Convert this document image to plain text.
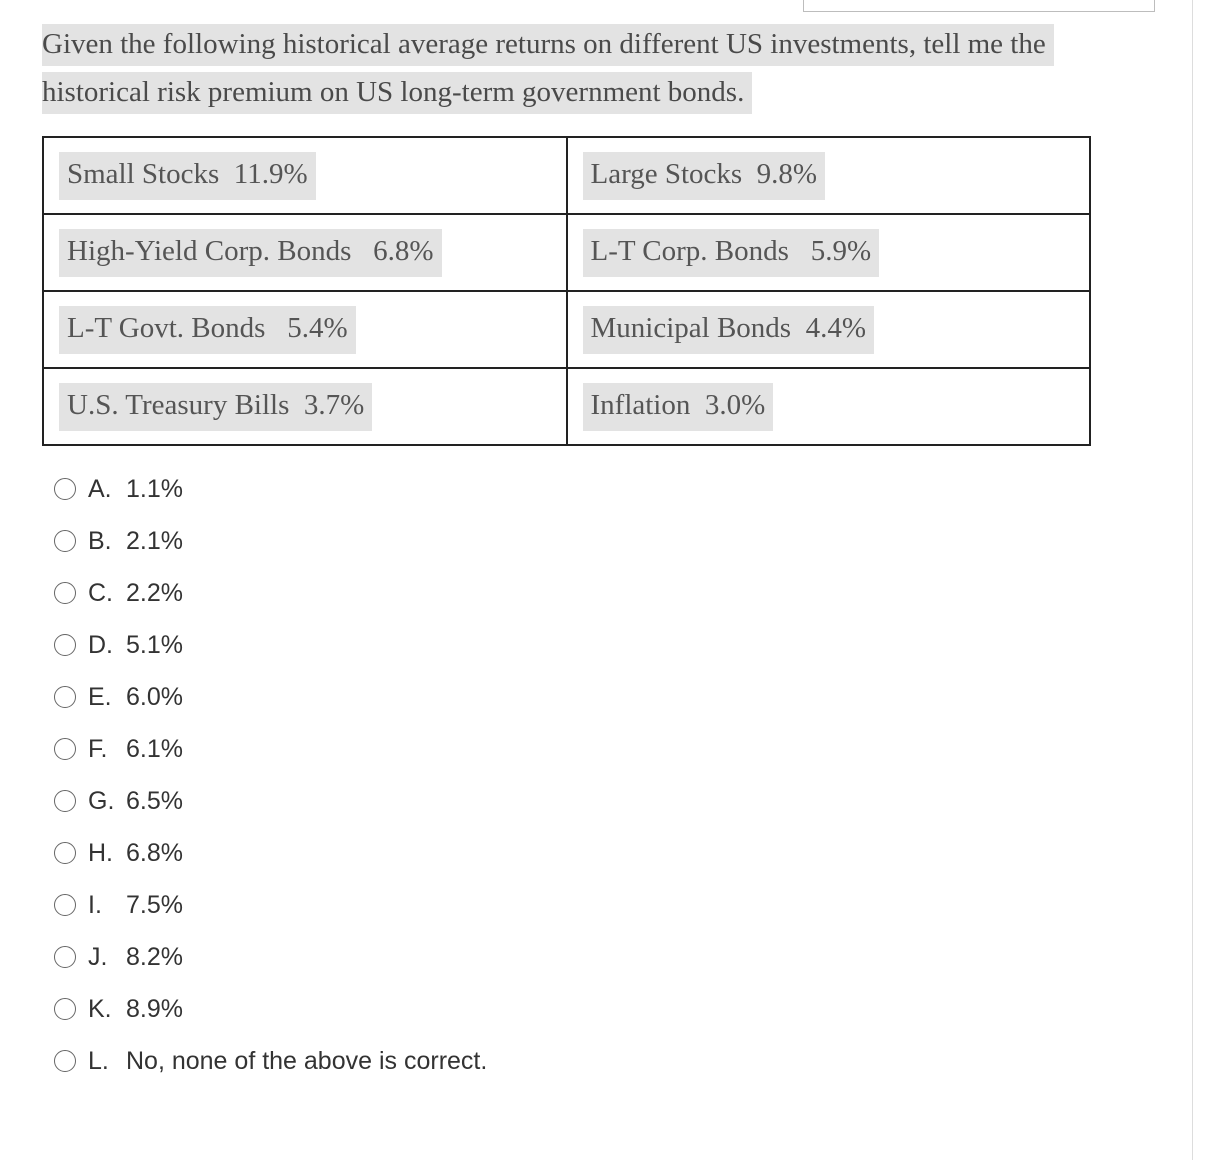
Given the following historical average returns on different US investments, tell me the
historical risk premium on US long-term government bonds.
Small Stocks  11.9%	Large Stocks  9.8%
High-Yield Corp. Bonds   6.8%	L-T Corp. Bonds   5.9%
L-T Govt. Bonds   5.4%	Municipal Bonds  4.4%
U.S. Treasury Bills  3.7%	Inflation  3.0%
A. 1.1%
B. 2.1%
C. 2.2%
D. 5.1%
E. 6.0%
F. 6.1%
G. 6.5%
H. 6.8%
I. 7.5%
J. 8.2%
K. 8.9%
L. No, none of the above is correct.
